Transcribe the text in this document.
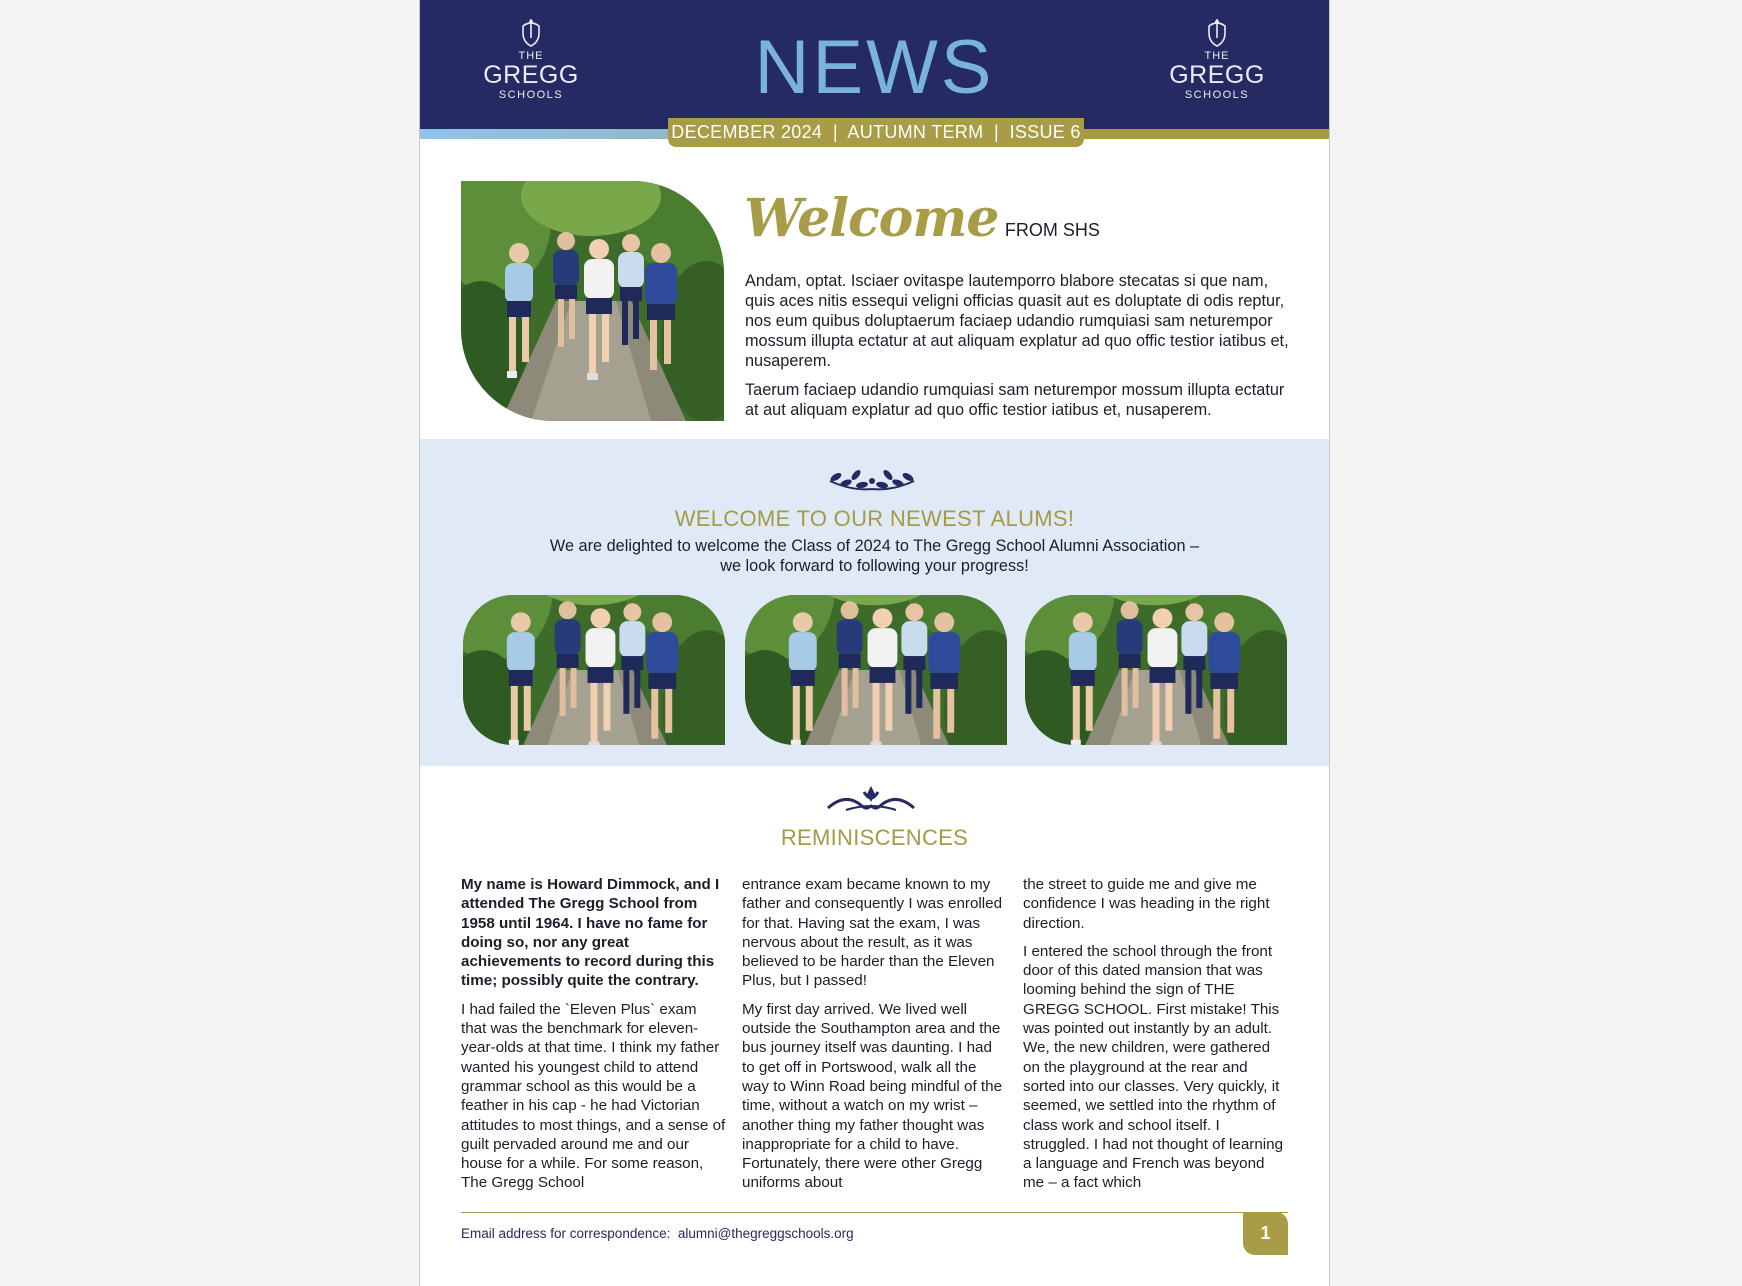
THE
GREGG
SCHOOLS	NEWS	THE
GREGG
SCHOOLS
DECEMBER 2024  |  AUTUMN TERM  |  ISSUE 6
Welcome FROM SHS

Andam, optat. Isciaer ovitaspe lautemporro blabore stecatas si que nam, quis aces nitis essequi veligni officias quasit aut es doluptate di odis reptur, nos eum quibus doluptaerum faciaep udandio rumquiasi sam neturempor mossum illupta ectatur at aut aliquam explatur ad quo offic testior iatibus et, nusaperem.

Taerum faciaep udandio rumquiasi sam neturempor mossum illupta ectatur at aut aliquam explatur ad quo offic testior iatibus et, nusaperem.

WELCOME TO OUR NEWEST ALUMS!

We are delighted to welcome the Class of 2024 to The Gregg School Alumni Association –
we look forward to following your progress!

REMINISCENCES

My name is Howard Dimmock, and I attended The Gregg School from 1958 until 1964. I have no fame for doing so, nor any great achievements to record during this time; possibly quite the contrary.

I had failed the `Eleven Plus` exam that was the benchmark for eleven-year-olds at that time. I think my father wanted his youngest child to attend grammar school as this would be a feather in his cap - he had Victorian attitudes to most things, and a sense of guilt pervaded around me and our house for a while. For some reason, The Gregg School

entrance exam became known to my father and consequently I was enrolled for that. Having sat the exam, I was nervous about the result, as it was believed to be harder than the Eleven Plus, but I passed!

My first day arrived. We lived well outside the Southampton area and the bus journey itself was daunting. I had to get off in Portswood, walk all the way to Winn Road being mindful of the time, without a watch on my wrist – another thing my father thought was inappropriate for a child to have. Fortunately, there were other Gregg uniforms about

the street to guide me and give me confidence I was heading in the right direction.

I entered the school through the front door of this dated mansion that was looming behind the sign of THE GREGG SCHOOL. First mistake! This was pointed out instantly by an adult. We, the new children, were gathered on the playground at the rear and sorted into our classes. Very quickly, it seemed, we settled into the rhythm of class work and school itself. I struggled. I had not thought of learning a language and French was beyond me – a fact which

Email address for correspondence:  alumni@thegreggschools.org	1
